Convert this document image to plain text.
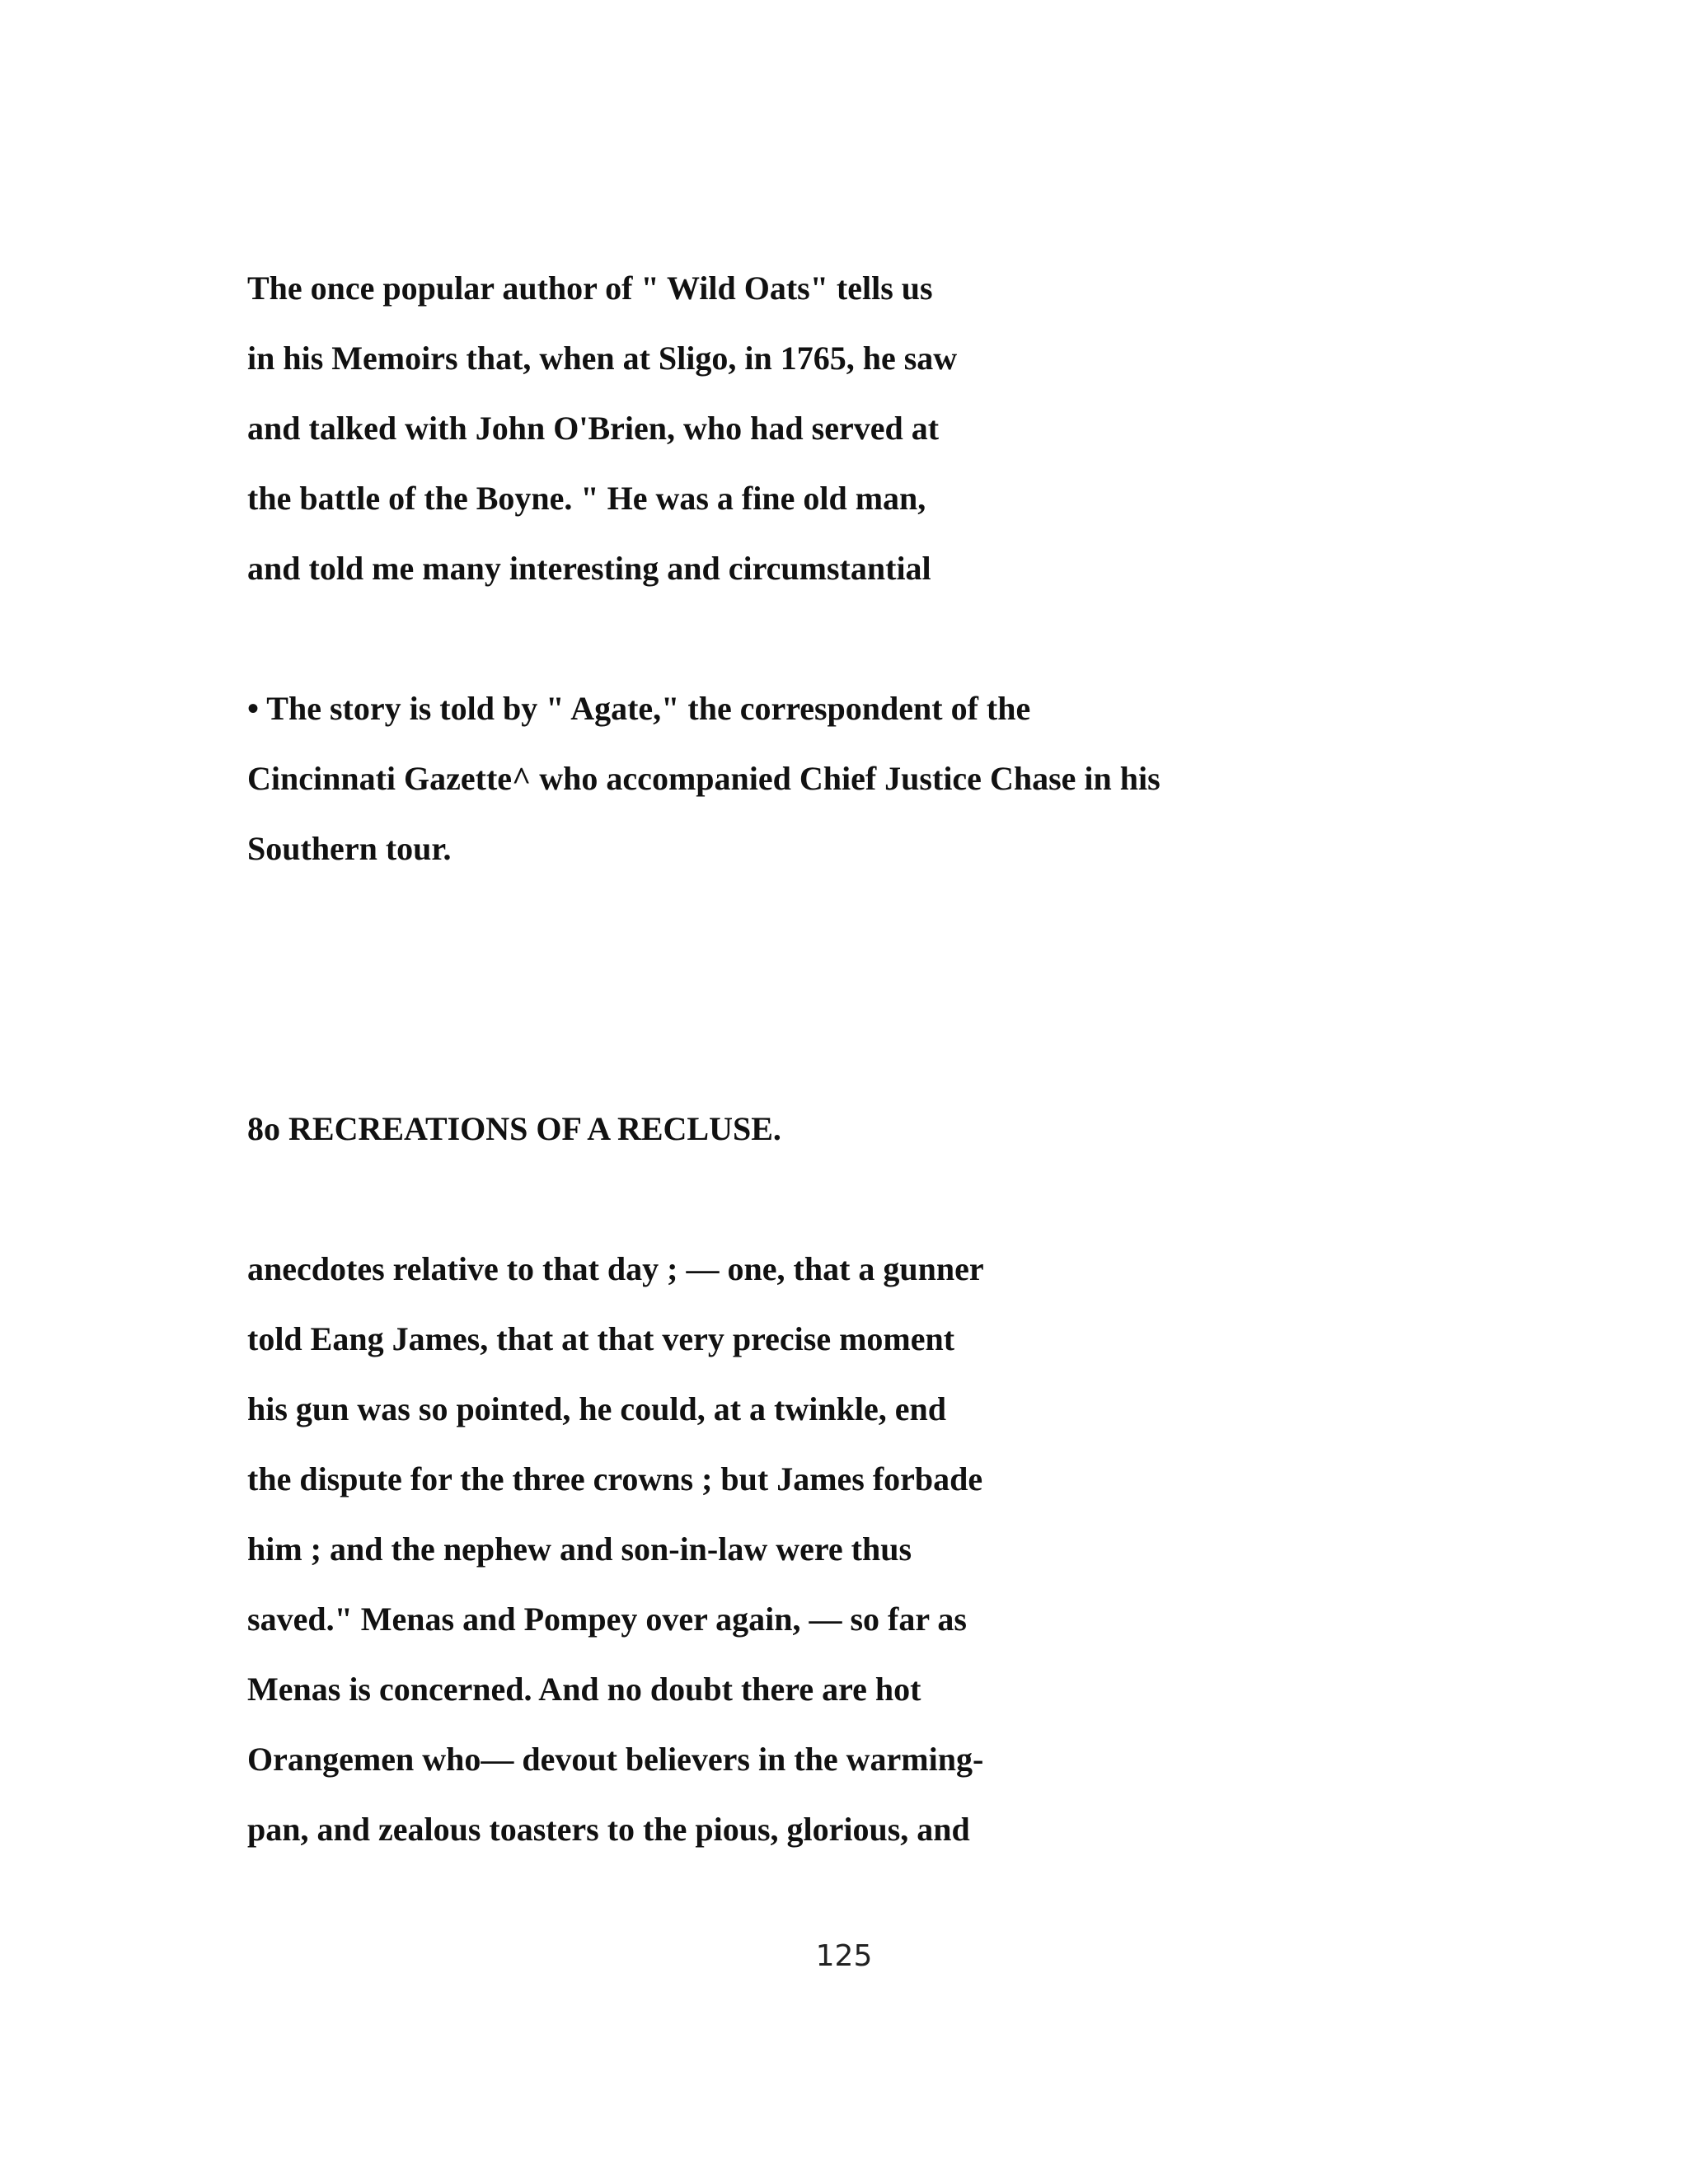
The once popular author of " Wild Oats" tells us

in his Memoirs that, when at Sligo, in 1765, he saw

and talked with John O'Brien, who had served at

the battle of the Boyne. " He was a fine old man,

and told me many interesting and circumstantial

• The story is told by " Agate," the correspondent of the

Cincinnati Gazette^ who accompanied Chief Justice Chase in his

Southern tour.

8o RECREATIONS OF A RECLUSE.

anecdotes relative to that day ; — one, that a gunner

told Eang James, that at that very precise moment

his gun was so pointed, he could, at a twinkle, end

the dispute for the three crowns ; but James forbade

him ; and the nephew and son-in-law were thus

saved." Menas and Pompey over again, — so far as

Menas is concerned. And no doubt there are hot

Orangemen who— devout believers in the warming-

pan, and zealous toasters to the pious, glorious, and

125
